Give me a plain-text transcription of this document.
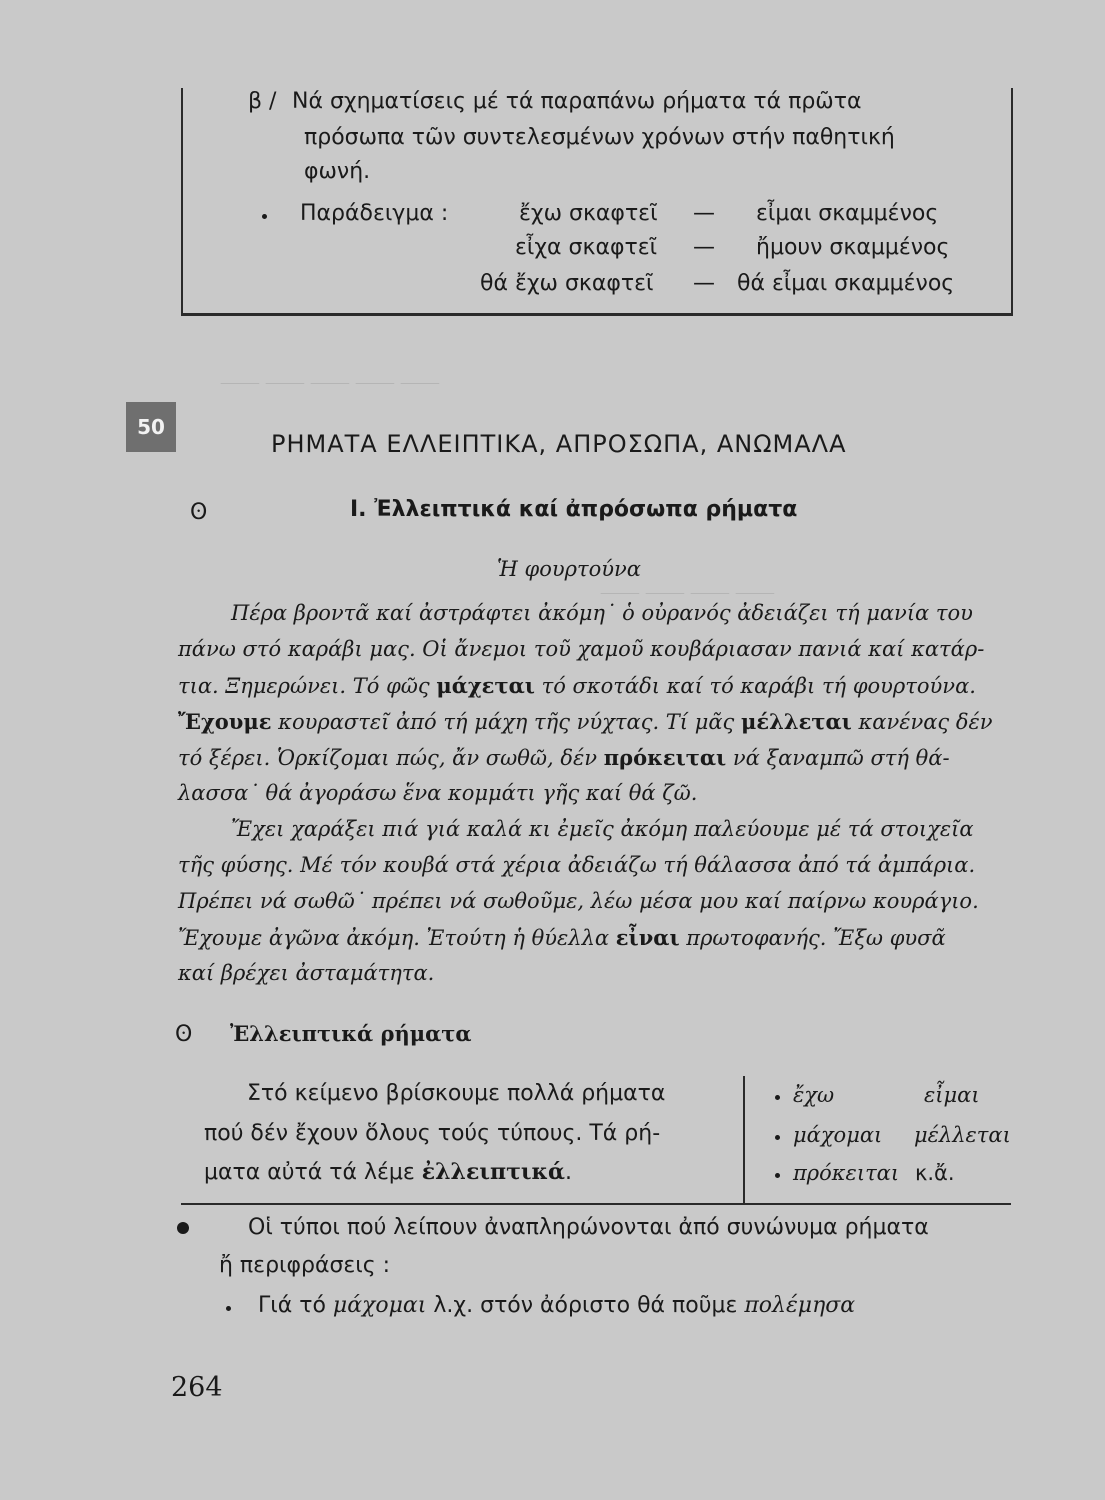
β / Νά σχηματίσεις μέ τά παραπάνω ρήματα τά πρῶτα
πρόσωπα τῶν συντελεσμένων χρόνων στήν παθητική
φωνή.
Παράδειγμα :	ἔχω σκαφτεῖ — εἶμαι σκαμμένος
εἶχα σκαφτεῖ — ἤμουν σκαμμένος
θά ἔχω σκαφτεῖ — θά εἶμαι σκαμμένος
⸻ ⸻ ⸻ ⸻ ⸻
⸻ ⸻ ⸻ ⸻
50
ΡΗΜΑΤΑ ΕΛΛΕΙΠΤΙΚΑ, ΑΠΡΟΣΩΠΑ, ΑΝΩΜΑΛΑ
ʘ	I. Ἐλλειπτικά καί ἀπρόσωπα ρήματα
Ἡ φουρτούνα
Πέρα βροντᾶ καί ἀστράφτει ἀκόμη˙ ὁ οὐρανός ἀδειάζει τή μανία του
πάνω στό καράβι μας. Οἱ ἄνεμοι τοῦ χαμοῦ κουβάριασαν πανιά καί κατάρ-
τια. Ξημερώνει. Τό φῶς μάχεται τό σκοτάδι καί τό καράβι τή φουρτούνα.
Ἔχουμε κουραστεῖ ἀπό τή μάχη τῆς νύχτας. Τί μᾶς μέλλεται κανένας δέν
τό ξέρει. Ὁρκίζομαι πώς, ἄν σωθῶ, δέν πρόκειται νά ξαναμπῶ στή θά-
λασσα˙ θά ἀγοράσω ἕνα κομμάτι γῆς καί θά ζῶ.
Ἔχει χαράξει πιά γιά καλά κι ἐμεῖς ἀκόμη παλεύουμε μέ τά στοιχεῖα
τῆς φύσης. Μέ τόν κουβά στά χέρια ἀδειάζω τή θάλασσα ἀπό τά ἀμπάρια.
Πρέπει νά σωθῶ˙ πρέπει νά σωθοῦμε, λέω μέσα μου καί παίρνω κουράγιο.
Ἔχουμε ἀγῶνα ἀκόμη. Ἐτούτη ἡ θύελλα εἶναι πρωτοφανής. Ἔξω φυσᾶ
καί βρέχει ἀσταμάτητα.
ʘ Ἐλλειπτικά ρήματα
Στό κείμενο βρίσκουμε πολλά ρήματα
πού δέν ἔχουν ὅλους τούς τύπους. Τά ρή-
ματα αὐτά τά λέμε ἐλλειπτικά.
ἔχω	εἶμαι
μάχομαι μέλλεται
πρόκειται κ.ἄ.
Οἱ τύποι πού λείπουν ἀναπληρώνονται ἀπό συνώνυμα ρήματα
ἤ περιφράσεις :
Γιά τό μάχομαι λ.χ. στόν ἀόριστο θά ποῦμε πολέμησα
264
